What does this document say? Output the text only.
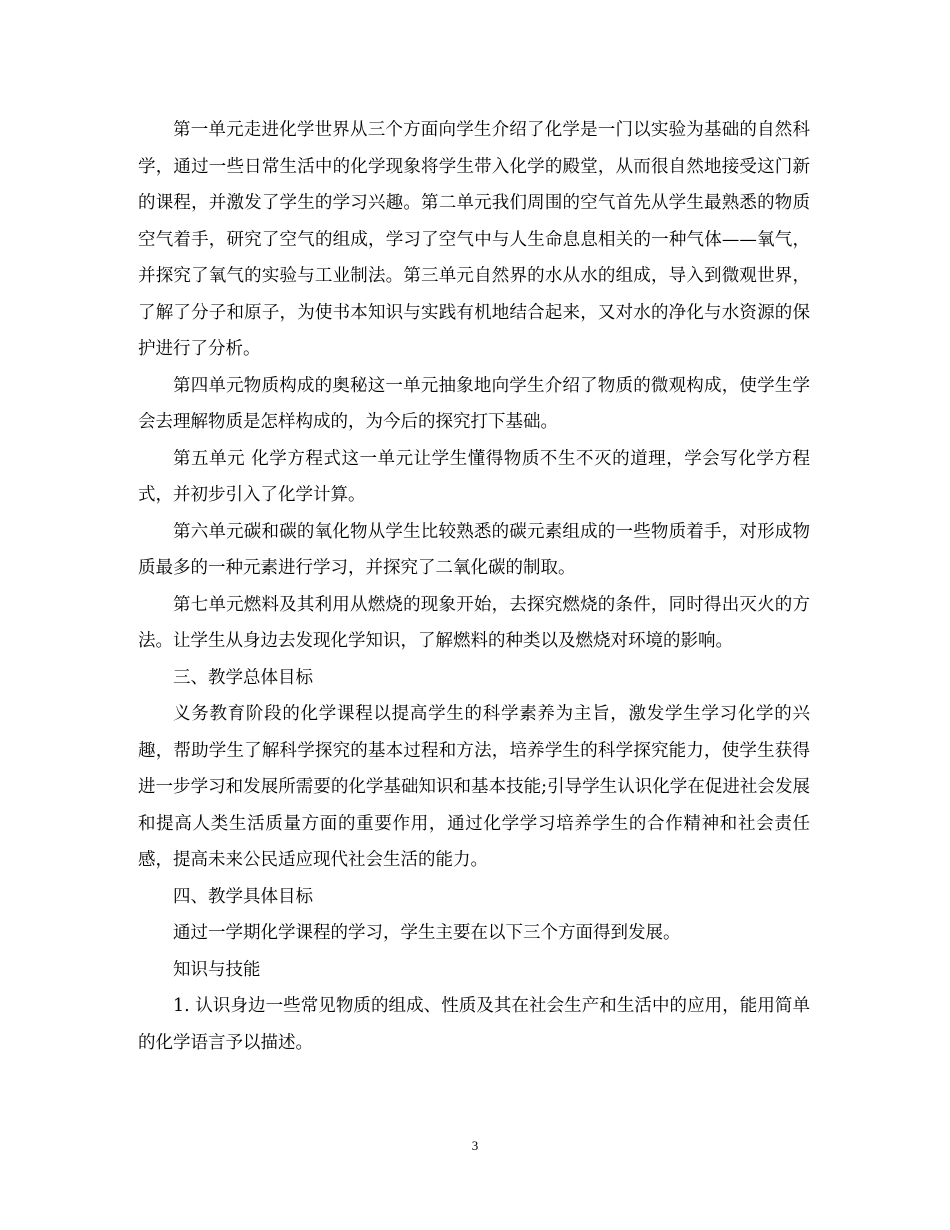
第一单元走进化学世界从三个方面向学生介绍了化学是一门以实验为基础的自然科学，通过一些日常生活中的化学现象将学生带入化学的殿堂，从而很自然地接受这门新的课程，并激发了学生的学习兴趣。第二单元我们周围的空气首先从学生最熟悉的物质空气着手，研究了空气的组成，学习了空气中与人生命息息相关的一种气体——氧气，并探究了氧气的实验与工业制法。第三单元自然界的水从水的组成，导入到微观世界，了解了分子和原子，为使书本知识与实践有机地结合起来，又对水的净化与水资源的保护进行了分析。

第四单元物质构成的奥秘这一单元抽象地向学生介绍了物质的微观构成，使学生学会去理解物质是怎样构成的，为今后的探究打下基础。

第五单元 化学方程式这一单元让学生懂得物质不生不灭的道理，学会写化学方程式，并初步引入了化学计算。

第六单元碳和碳的氧化物从学生比较熟悉的碳元素组成的一些物质着手，对形成物质最多的一种元素进行学习，并探究了二氧化碳的制取。

第七单元燃料及其利用从燃烧的现象开始，去探究燃烧的条件，同时得出灭火的方法。让学生从身边去发现化学知识，了解燃料的种类以及燃烧对环境的影响。

三、教学总体目标

义务教育阶段的化学课程以提高学生的科学素养为主旨，激发学生学习化学的兴趣，帮助学生了解科学探究的基本过程和方法，培养学生的科学探究能力，使学生获得进一步学习和发展所需要的化学基础知识和基本技能;引导学生认识化学在促进社会发展和提高人类生活质量方面的重要作用，通过化学学习培养学生的合作精神和社会责任感，提高未来公民适应现代社会生活的能力。

四、教学具体目标

通过一学期化学课程的学习，学生主要在以下三个方面得到发展。

知识与技能

1. 认识身边一些常见物质的组成、性质及其在社会生产和生活中的应用，能用简单的化学语言予以描述。

3
